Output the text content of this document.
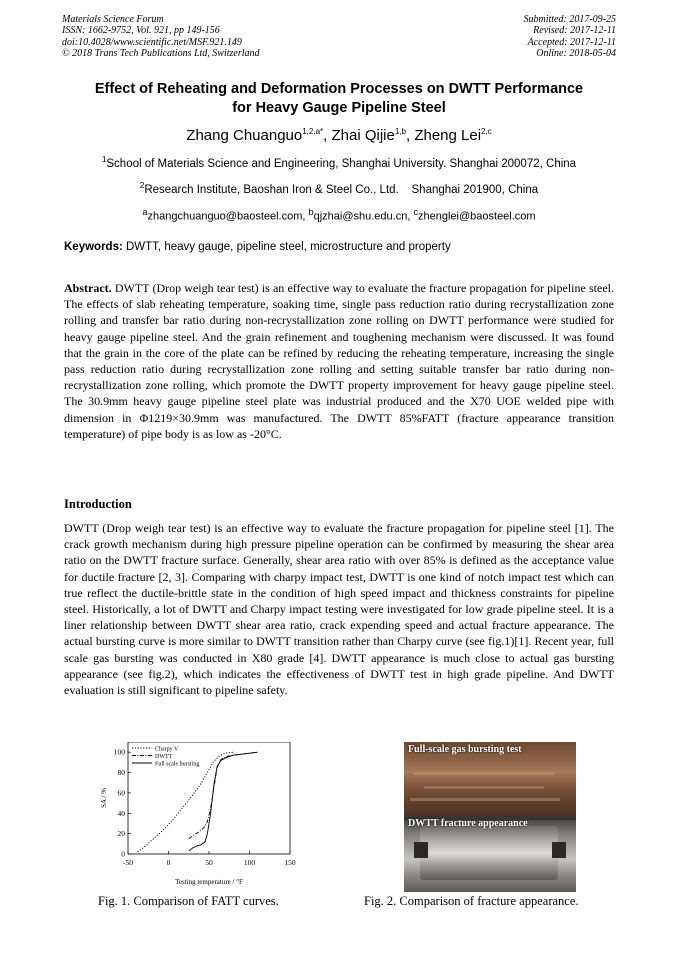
Materials Science Forum
ISSN: 1662-9752, Vol. 921, pp 149-156
doi:10.4028/www.scientific.net/MSF.921.149
© 2018 Trans Tech Publications Ltd, Switzerland
Submitted: 2017-09-25
Revised: 2017-12-11
Accepted: 2017-12-11
Online: 2018-05-04
Effect of Reheating and Deformation Processes on DWTT Performance
for Heavy Gauge Pipeline Steel
Zhang Chuanguo$^{1,2,a*}$, Zhai Qijie$^{1,b}$, Zheng Lei$^{2,c}$
$^1$School of Materials Science and Engineering, Shanghai University. Shanghai 200072, China
$^2$Research Institute, Baoshan Iron & Steel Co., Ltd.    Shanghai 201900, China
$^a$zhangchuanguo@baosteel.com, $^b$qjzhai@shu.edu.cn, $^c$zhenglei@baosteel.com
Keywords: DWTT, heavy gauge, pipeline steel, microstructure and property
Abstract. DWTT (Drop weigh tear test) is an effective way to evaluate the fracture propagation for pipeline steel. The effects of slab reheating temperature, soaking time, single pass reduction ratio during recrystallization zone rolling and transfer bar ratio during non-recrystallization zone rolling on DWTT performance were studied for heavy gauge pipeline steel. And the grain refinement and toughening mechanism were discussed. It was found that the grain in the core of the plate can be refined by reducing the reheating temperature, increasing the single pass reduction ratio during recrystallization zone rolling and setting suitable transfer bar ratio during non-recrystallization zone rolling, which promote the DWTT property improvement for heavy gauge pipeline steel. The 30.9mm heavy gauge pipeline steel plate was industrial produced and the X70 UOE welded pipe with dimension in Φ1219×30.9mm was manufactured. The DWTT 85%FATT (fracture appearance transition temperature) of pipe body is as low as -20°C.
Introduction
DWTT (Drop weigh tear test) is an effective way to evaluate the fracture propagation for pipeline steel [1]. The crack growth mechanism during high pressure pipeline operation can be confirmed by measuring the shear area ratio on the DWTT fracture surface. Generally, shear area ratio with over 85% is defined as the acceptance value for ductile fracture [2, 3]. Comparing with charpy impact test, DWTT is one kind of notch impact test which can true reflect the ductile-brittle state in the condition of high speed impact and thickness constraints for pipeline steel. Historically, a lot of DWTT and Charpy impact testing were investigated for low grade pipeline steel. It is a liner relationship between DWTT shear area ratio, crack expending speed and actual fracture appearance. The actual bursting curve is more similar to DWTT transition rather than Charpy curve (see fig.1)[1]. Recent year, full scale gas bursting was conducted in X80 grade [4]. DWTT appearance is much close to actual gas bursting appearance (see fig.2), which indicates the effectiveness of DWTT test in high grade pipeline. And DWTT evaluation is still significant to pipeline safety.
-50	0	50	100	150
0
20
40
60
80
100
Testing temperature / °F
SA / %
Charpy V
DWTT
Full scale bursting
Full-scale gas bursting test
DWTT fracture appearance
Fig. 1. Comparison of FATT curves.	Fig. 2. Comparison of fracture appearance.
